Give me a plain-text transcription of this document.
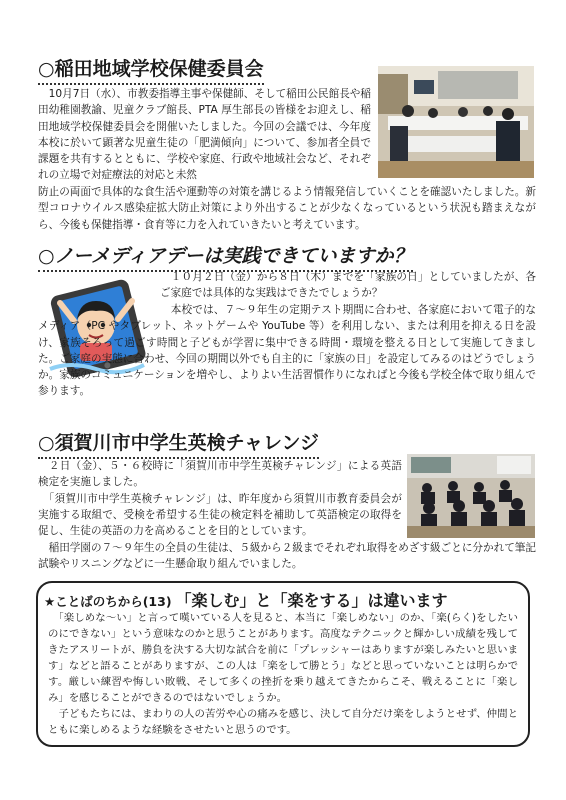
○稲田地域学校保健委員会

　10月7日（水）、市教委指導主事や保健師、そして稲田公民館長や稲田幼稚園教諭、児童クラブ館長、PTA 厚生部長の皆様をお迎えし、稲田地域学校保健委員会を開催いたしました。今回の会議では、今年度本校に於いて顕著な児童生徒の「肥満傾向」について、参加者全員で課題を共有するとともに、学校や家庭、行政や地域社会など、それぞれの立場で対症療法的対応と未然

○ノーメディアデーは実践できていますか？

　１０月２日（金）から８日（木）までを「家族の日」としていましたが、各ご家庭では具体的な実践はできたでしょうか？

　本校では、７～９年生の定期テスト期間に合わせ、各家庭において電子的なメディア（PC やタブレット、ネットゲームや YouTube 等）を利用しない、または利用を抑える日を設け、家族そろって過ごす時間と子どもが学習に集中できる時間・環境を整える日として実施してきました。ご家庭の実態に合わせ、今回の期間以外でも自主的に「家族の日」を設定してみるのはどうでしょうか。家族のコミュニケーションを増やし、よりよい生活習慣作りになればと今後も学校全体で取り組んで参ります。

○須賀川市中学生英検チャレンジ

　２日（金）、５・６校時に「須賀川市中学生英検チャレンジ」による英語検定を実施しました。

　「須賀川市中学生英検チャレンジ」は、昨年度から須賀川市教育委員会が実施する取組で、受検を希望する生徒の検定料を補助して英語検定の取得を促し、生徒の英語の力を高めることを目的としています。

　稲田学園の７～９年生の全員の生徒は、５級から２級までそれぞれ取得をめざす級ごとに分かれて筆記試験やリスニングなどに一生懸命取り組んでいました。

★ことばのちから(13) 「楽しむ」と「楽をする」は違います

　「楽しめな～い」と言って嘆いている人を見ると、本当に「楽しめない」のか、「楽(らく)をしたいのにできない」という意味なのかと思うことがあります。高度なテクニックと輝かしい成績を残してきたアスリートが、勝負を決する大切な試合を前に「プレッシャーはありますが楽しみたいと思います」などと語ることがありますが、この人は「楽をして勝とう」などと思っていないことは明らかです。厳しい練習や悔しい敗戦、そして多くの挫折を乗り越えてきたからこそ、戦えることに「楽しみ」を感じることができるのではないでしょうか。

　子どもたちには、まわりの人の苦労や心の痛みを感じ、決して自分だけ楽をしようとせず、仲間とともに楽しめるような経験をさせたいと思うのです。

防止の両面で具体的な食生活や運動等の対策を講じるよう情報発信していくことを確認いたしました。新型コロナウイルス感染症拡大防止対策により外出することが少なくなっているという状況も踏まえながら、今後も保健指導・食育等に力を入れていきたいと考えています。
